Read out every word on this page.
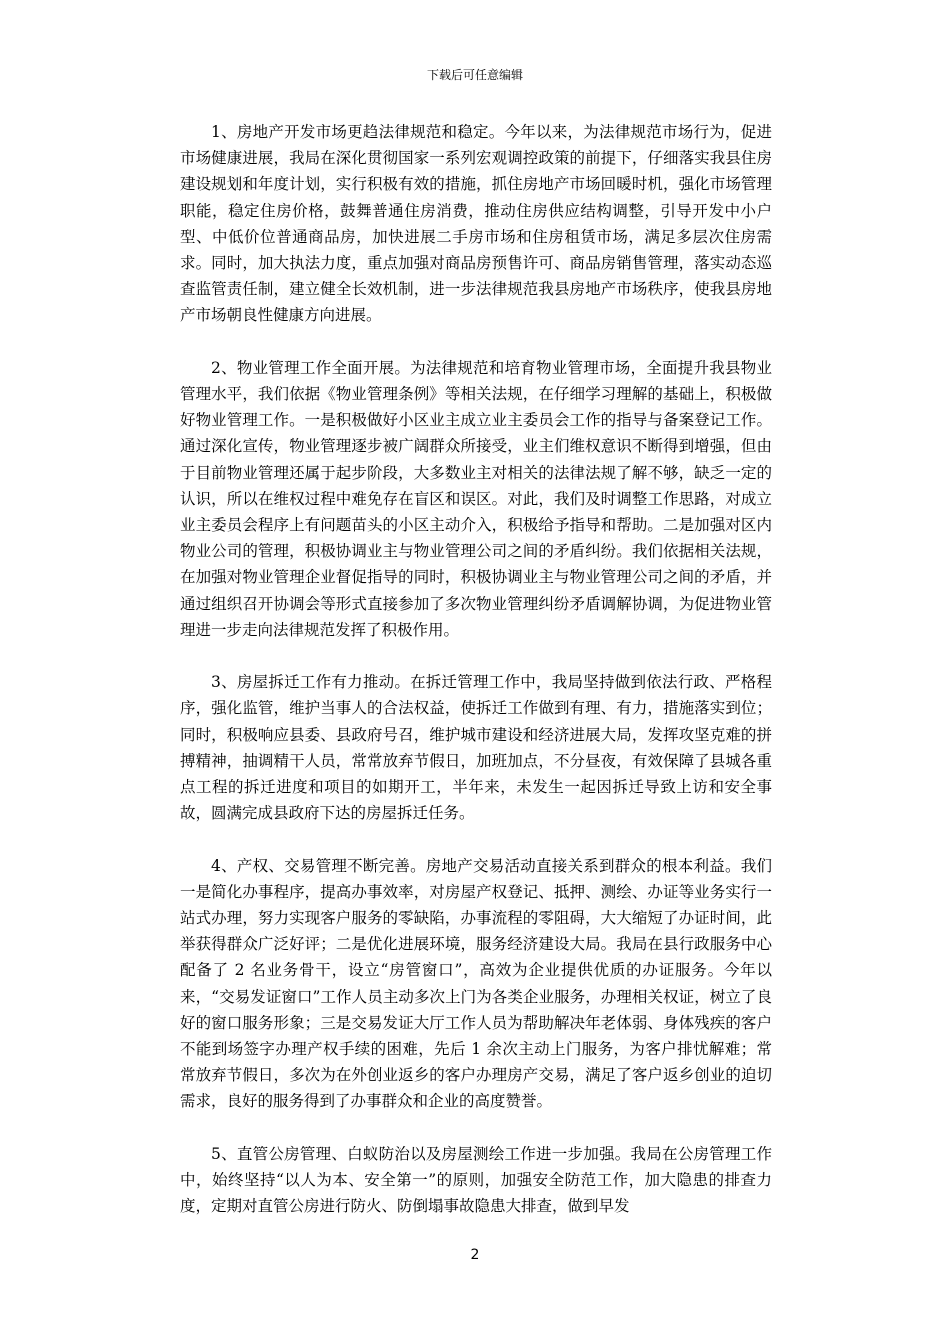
下载后可任意编辑

1、房地产开发市场更趋法律规范和稳定。今年以来，为法律规范市场行为，促进市场健康进展，我局在深化贯彻国家一系列宏观调控政策的前提下，仔细落实我县住房建设规划和年度计划，实行积极有效的措施，抓住房地产市场回暖时机，强化市场管理职能，稳定住房价格，鼓舞普通住房消费，推动住房供应结构调整，引导开发中小户型、中低价位普通商品房，加快进展二手房市场和住房租赁市场，满足多层次住房需求。同时，加大执法力度，重点加强对商品房预售许可、商品房销售管理，落实动态巡查监管责任制，建立健全长效机制，进一步法律规范我县房地产市场秩序，使我县房地产市场朝良性健康方向进展。

2、物业管理工作全面开展。为法律规范和培育物业管理市场，全面提升我县物业管理水平，我们依据《物业管理条例》等相关法规，在仔细学习理解的基础上，积极做好物业管理工作。一是积极做好小区业主成立业主委员会工作的指导与备案登记工作。通过深化宣传，物业管理逐步被广阔群众所接受，业主们维权意识不断得到增强，但由于目前物业管理还属于起步阶段，大多数业主对相关的法律法规了解不够，缺乏一定的认识，所以在维权过程中难免存在盲区和误区。对此，我们及时调整工作思路，对成立业主委员会程序上有问题苗头的小区主动介入，积极给予指导和帮助。二是加强对区内物业公司的管理，积极协调业主与物业管理公司之间的矛盾纠纷。我们依据相关法规，在加强对物业管理企业督促指导的同时，积极协调业主与物业管理公司之间的矛盾，并通过组织召开协调会等形式直接参加了多次物业管理纠纷矛盾调解协调，为促进物业管理进一步走向法律规范发挥了积极作用。

3、房屋拆迁工作有力推动。在拆迁管理工作中，我局坚持做到依法行政、严格程序，强化监管，维护当事人的合法权益，使拆迁工作做到有理、有力，措施落实到位；同时，积极响应县委、县政府号召，维护城市建设和经济进展大局，发挥攻坚克难的拼搏精神，抽调精干人员，常常放弃节假日，加班加点，不分昼夜，有效保障了县城各重点工程的拆迁进度和项目的如期开工，半年来，未发生一起因拆迁导致上访和安全事故，圆满完成县政府下达的房屋拆迁任务。

4、产权、交易管理不断完善。房地产交易活动直接关系到群众的根本利益。我们一是简化办事程序，提高办事效率，对房屋产权登记、抵押、测绘、办证等业务实行一站式办理，努力实现客户服务的零缺陷，办事流程的零阻碍，大大缩短了办证时间，此举获得群众广泛好评；二是优化进展环境，服务经济建设大局。我局在县行政服务中心配备了 2 名业务骨干，设立“房管窗口”，高效为企业提供优质的办证服务。今年以来，“交易发证窗口”工作人员主动多次上门为各类企业服务，办理相关权证，树立了良好的窗口服务形象；三是交易发证大厅工作人员为帮助解决年老体弱、身体残疾的客户不能到场签字办理产权手续的困难，先后 1 余次主动上门服务，为客户排忧解难；常常放弃节假日，多次为在外创业返乡的客户办理房产交易，满足了客户返乡创业的迫切需求，良好的服务得到了办事群众和企业的高度赞誉。

5、直管公房管理、白蚁防治以及房屋测绘工作进一步加强。我局在公房管理工作中，始终坚持“以人为本、安全第一”的原则，加强安全防范工作，加大隐患的排查力度，定期对直管公房进行防火、防倒塌事故隐患大排查，做到早发

2
